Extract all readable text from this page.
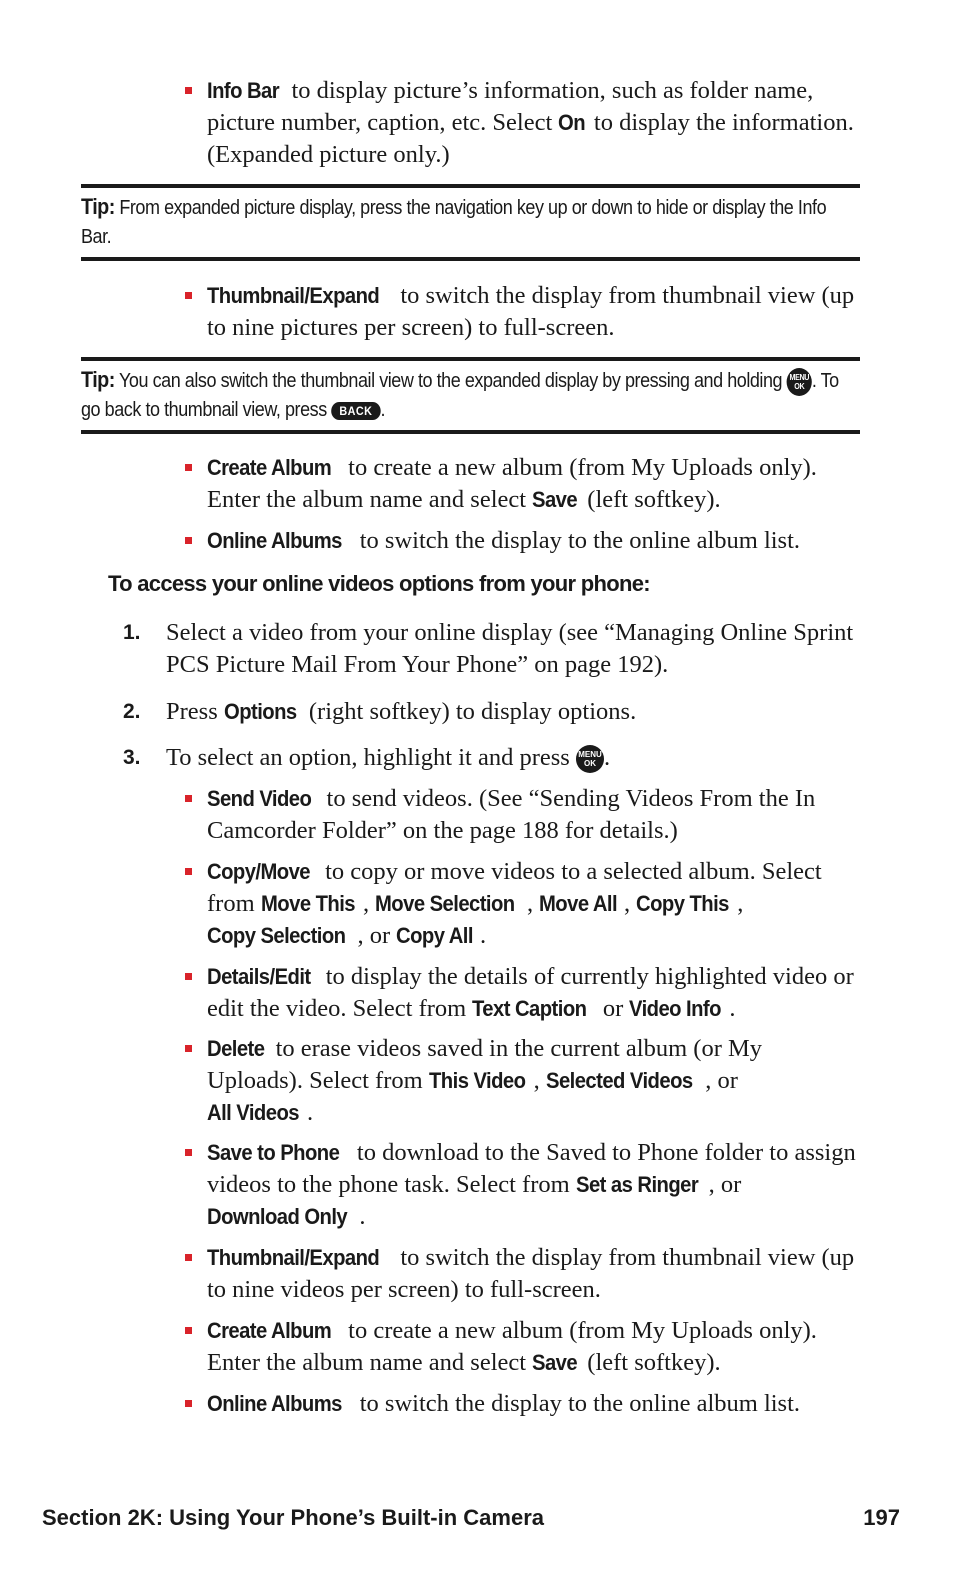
Info Bar to display picture’s information, such as folder name, picture number, caption, etc. Select On to display the information. (Expanded picture only.)
Tip: From expanded picture display, press the navigation key up or down to hide or display the Info Bar.
Thumbnail/Expand to switch the display from thumbnail view (up to nine pictures per screen) to full-screen.
Tip: You can also switch the thumbnail view to the expanded display by pressing and holding MENU
OK . To go back to thumbnail view, press BACK .
Create Album to create a new album (from My Uploads only). Enter the album name and select Save (left softkey).
Online Albums to switch the display to the online album list.
To access your online videos options from your phone:
1. Select a video from your online display (see “Managing Online Sprint PCS Picture Mail From Your Phone” on page 192).
2. Press Options (right softkey) to display options.
3. To select an option, highlight it and press MENU
OK .
Send Video to send videos. (See “Sending Videos From the In Camcorder Folder” on the page 188 for details.)
Copy/Move to copy or move videos to a selected album. Select from Move This , Move Selection , Move All , Copy This , Copy Selection , or Copy All .
Details/Edit to display the details of currently highlighted video or edit the video. Select from Text Caption or Video Info .
Delete to erase videos saved in the current album (or My Uploads). Select from This Video , Selected Videos , or
All Videos .
Save to Phone to download to the Saved to Phone folder to assign videos to the phone task. Select from Set as Ringer , or
Download Only .
Thumbnail/Expand to switch the display from thumbnail view (up to nine videos per screen) to full-screen.
Create Album to create a new album (from My Uploads only). Enter the album name and select Save (left softkey).
Online Albums to switch the display to the online album list.
Section 2K: Using Your Phone’s Built-in Camera	197
